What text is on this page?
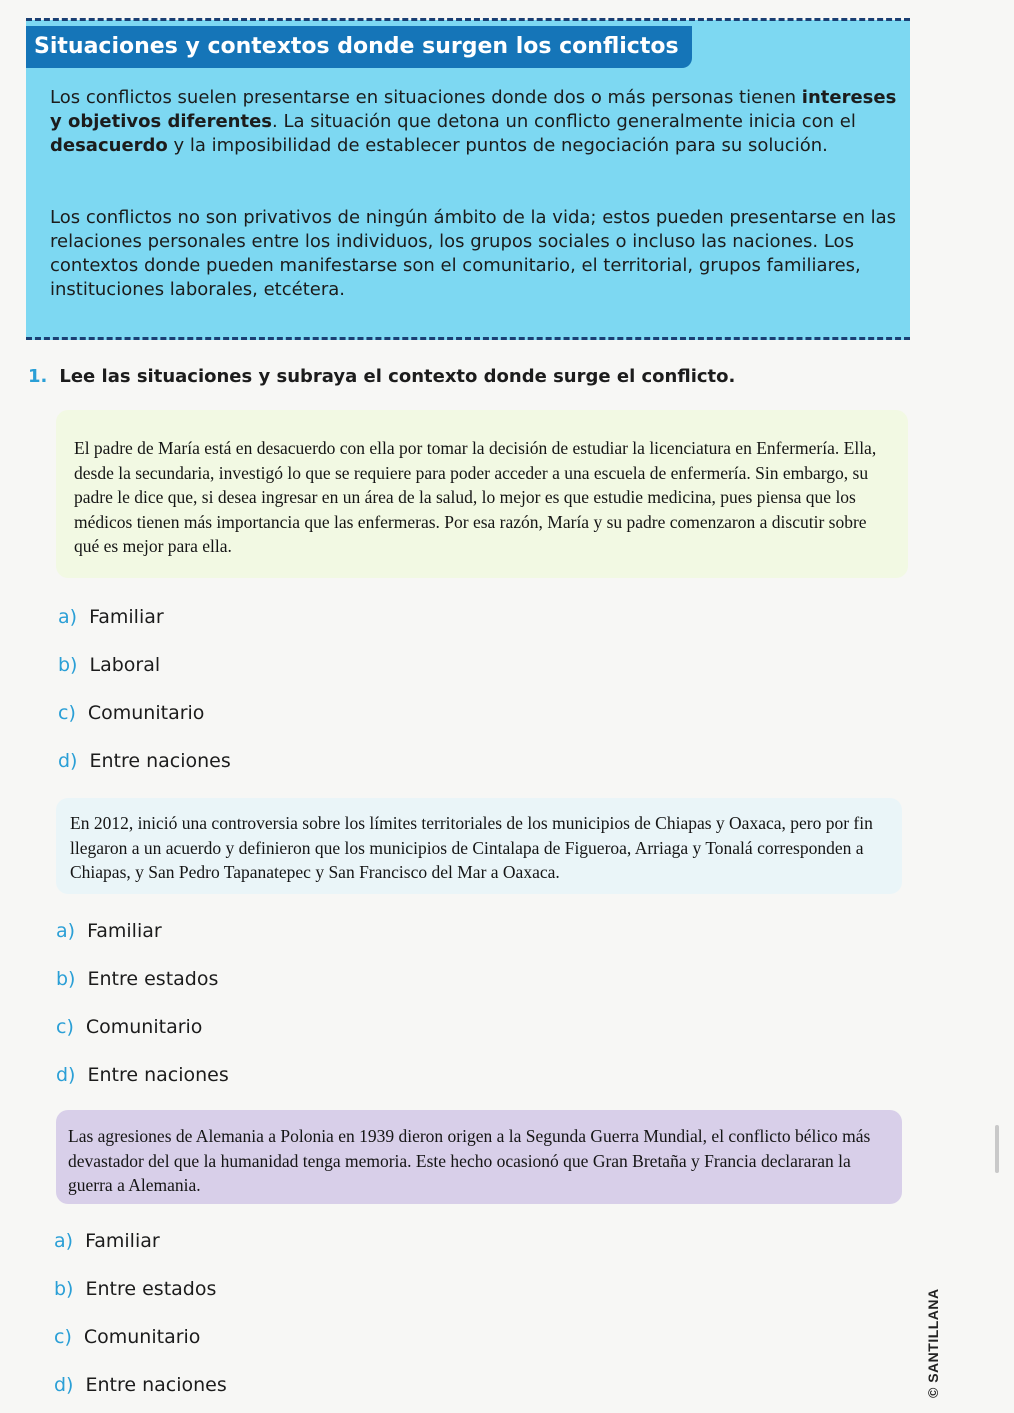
Situaciones y contextos donde surgen los conflictos

Los conflictos suelen presentarse en situaciones donde dos o más personas tienen intereses y objetivos diferentes. La situación que detona un conflicto generalmente inicia con el desacuerdo y la imposibilidad de establecer puntos de negociación para su solución.

Los conflictos no son privativos de ningún ámbito de la vida; estos pueden presentarse en las relaciones personales entre los individuos, los grupos sociales o incluso las naciones. Los contextos donde pueden manifestarse son el comunitario, el territorial, grupos familiares, instituciones laborales, etcétera.

1. Lee las situaciones y subraya el contexto donde surge el conflicto.
El padre de María está en desacuerdo con ella por tomar la decisión de estudiar la licenciatura en Enfermería. Ella, desde la secundaria, investigó lo que se requiere para poder acceder a una escuela de enfermería. Sin embargo, su padre le dice que, si desea ingresar en un área de la salud, lo mejor es que estudie medicina, pues piensa que los médicos tienen más importancia que las enfermeras. Por esa razón, María y su padre comenzaron a discutir sobre qué es mejor para ella.
a) Familiar
b) Laboral
c) Comunitario
d) Entre naciones
En 2012, inició una controversia sobre los límites territoriales de los municipios de Chiapas y Oaxaca, pero por fin llegaron a un acuerdo y definieron que los municipios de Cintalapa de Figueroa, Arriaga y Tonalá corresponden a Chiapas, y San Pedro Tapanatepec y San Francisco del Mar a Oaxaca.
a) Familiar
b) Entre estados
c) Comunitario
d) Entre naciones
Las agresiones de Alemania a Polonia en 1939 dieron origen a la Segunda Guerra Mundial, el conflicto bélico más devastador del que la humanidad tenga memoria. Este hecho ocasionó que Gran Bretaña y Francia declararan la guerra a Alemania.
a) Familiar
b) Entre estados
c) Comunitario
d) Entre naciones	© SANTILLANA
